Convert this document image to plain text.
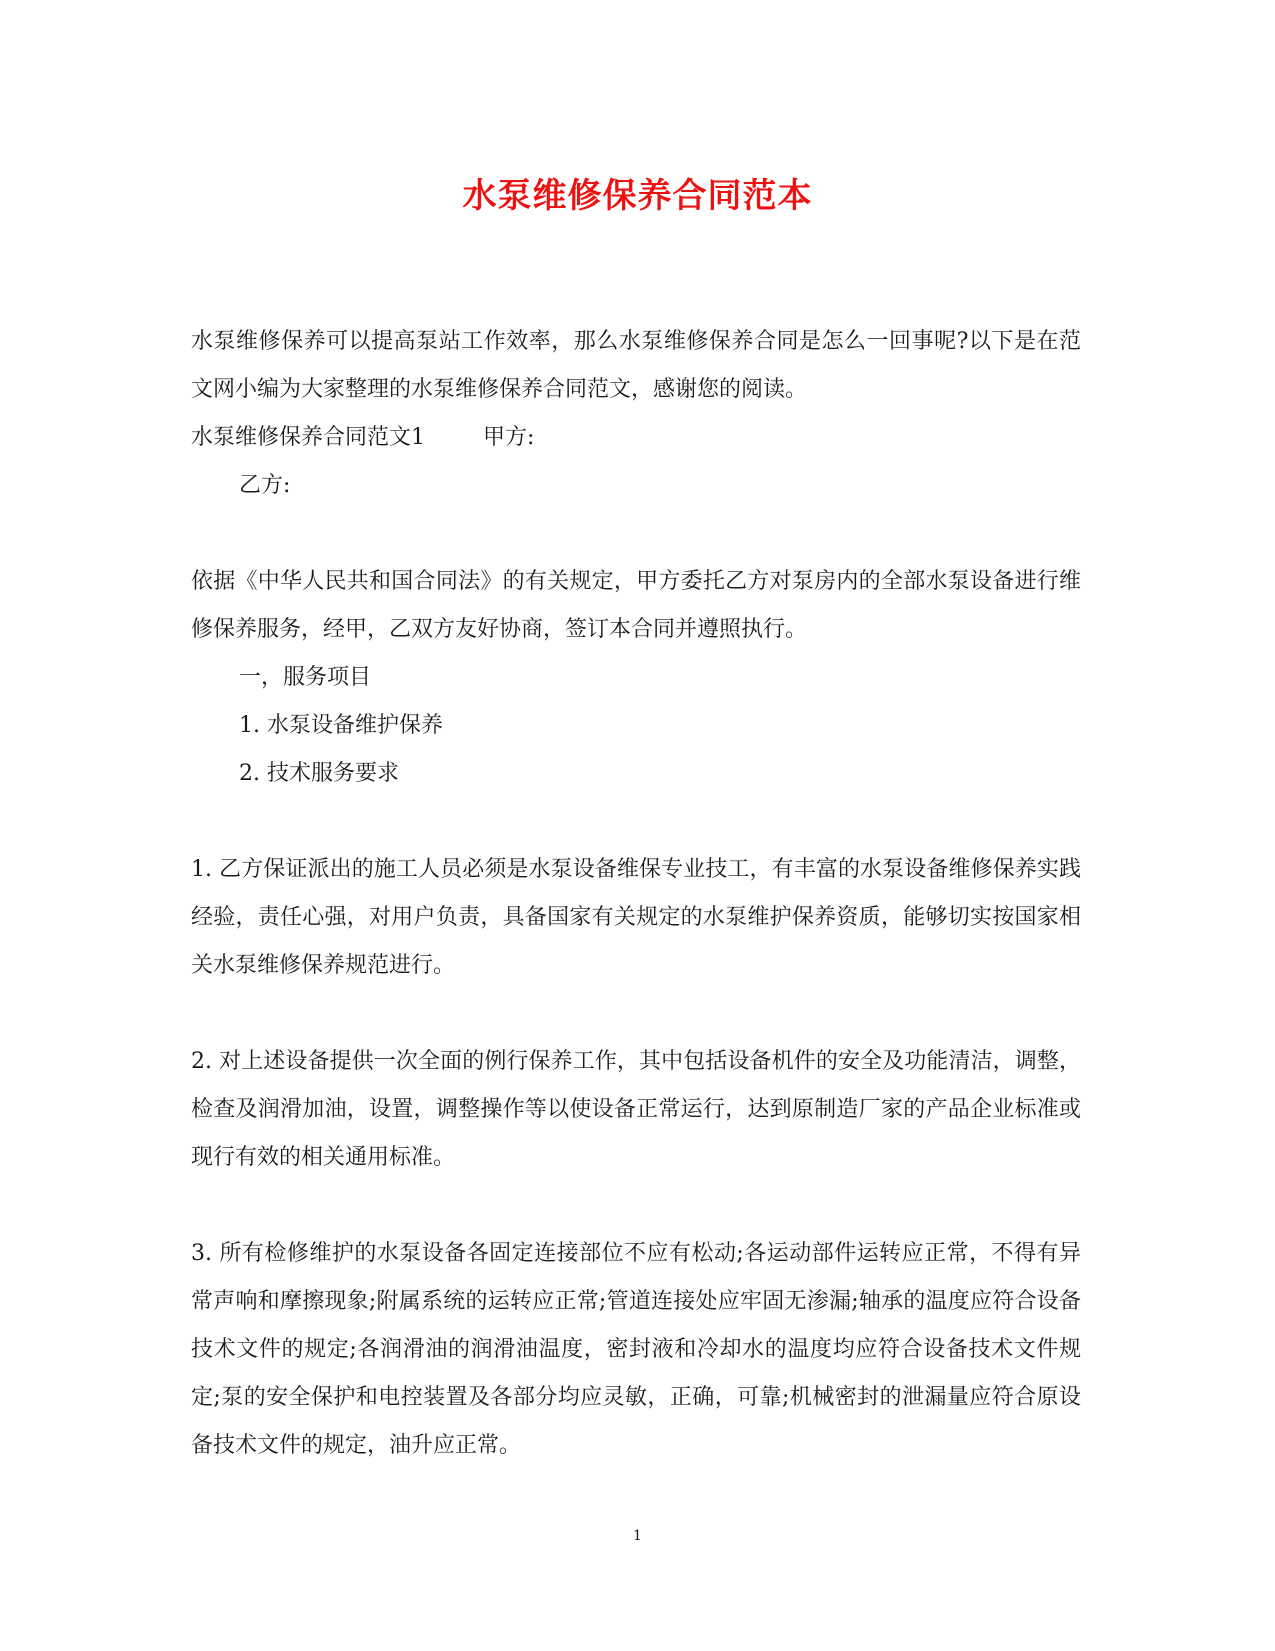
水泵维修保养合同范本

水泵维修保养可以提高泵站工作效率，那么水泵维修保养合同是怎么一回事呢?以下是在范文网小编为大家整理的水泵维修保养合同范文，感谢您的阅读。

水泵维修保养合同范文1	甲方:

乙方:

依据《中华人民共和国合同法》的有关规定，甲方委托乙方对泵房内的全部水泵设备进行维修保养服务，经甲，乙双方友好协商，签订本合同并遵照执行。

一，服务项目

1. 水泵设备维护保养

2. 技术服务要求

1. 乙方保证派出的施工人员必须是水泵设备维保专业技工，有丰富的水泵设备维修保养实践经验，责任心强，对用户负责，具备国家有关规定的水泵维护保养资质，能够切实按国家相关水泵维修保养规范进行。

2. 对上述设备提供一次全面的例行保养工作，其中包括设备机件的安全及功能清洁，调整，检查及润滑加油，设置，调整操作等以使设备正常运行，达到原制造厂家的产品企业标准或现行有效的相关通用标准。

3. 所有检修维护的水泵设备各固定连接部位不应有松动;各运动部件运转应正常，不得有异常声响和摩擦现象;附属系统的运转应正常;管道连接处应牢固无渗漏;轴承的温度应符合设备技术文件的规定;各润滑油的润滑油温度，密封液和冷却水的温度均应符合设备技术文件规定;泵的安全保护和电控装置及各部分均应灵敏，正确，可靠;机械密封的泄漏量应符合原设备技术文件的规定，油升应正常。

1
